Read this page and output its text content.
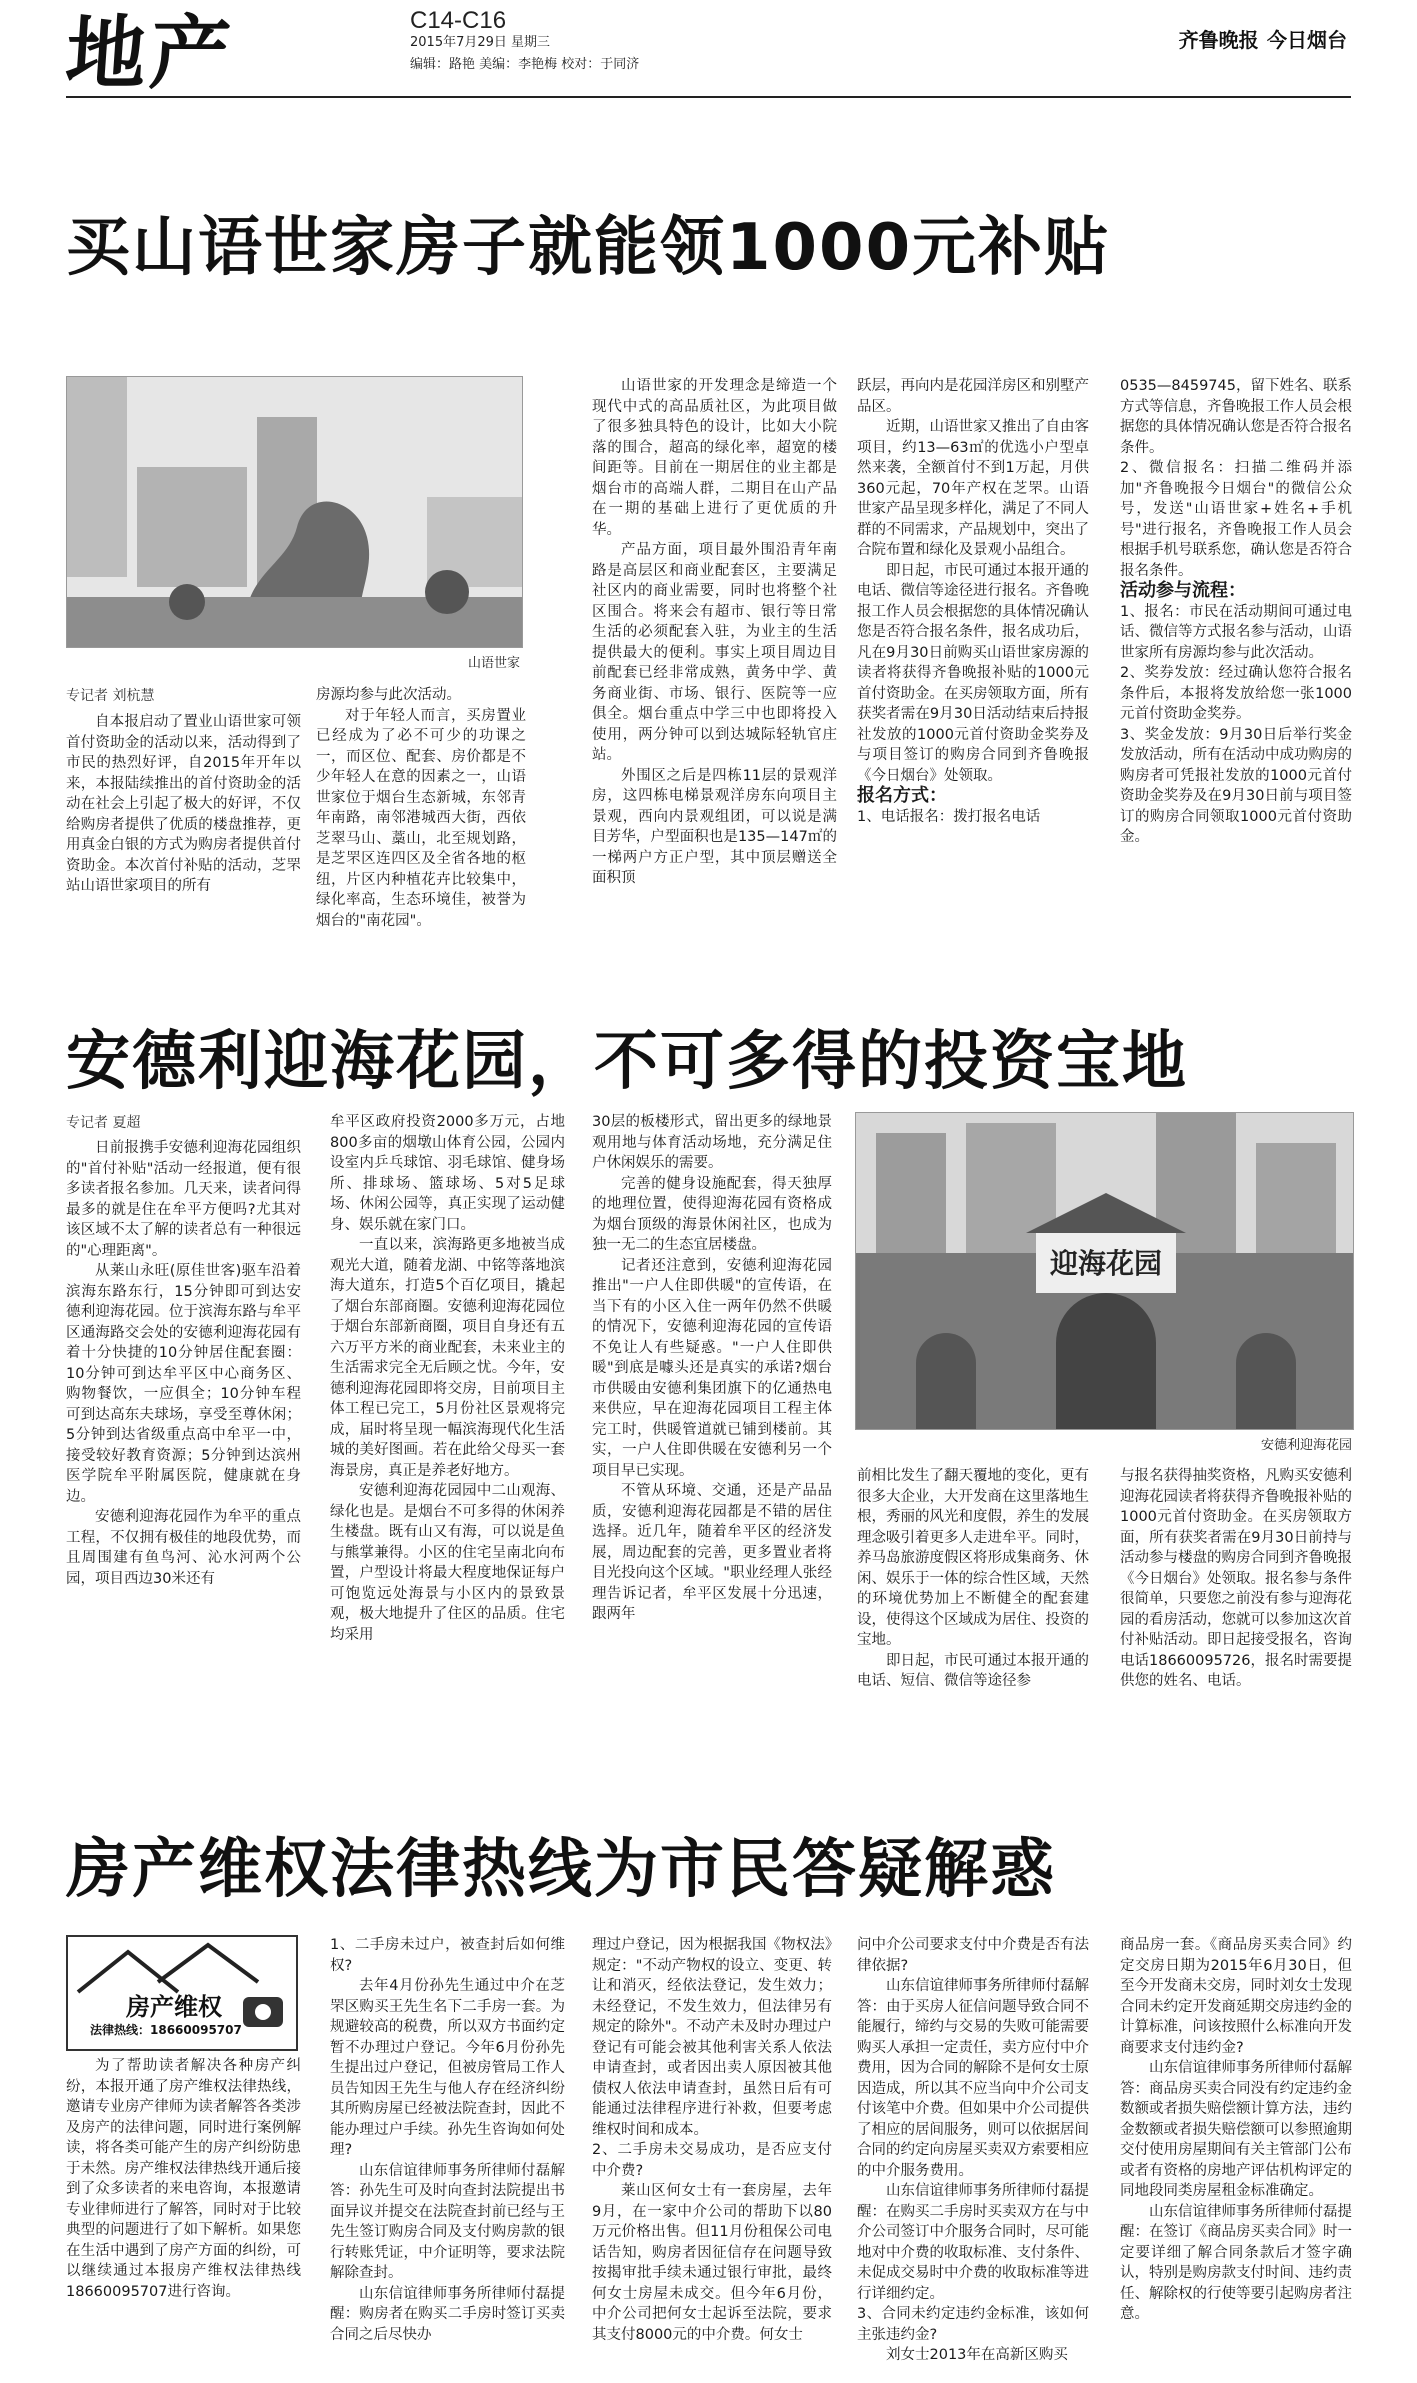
地产	C14-C16
2015年7月29日 星期三
编辑：路艳 美编：李艳梅 校对：于同济
齐鲁晚报 今日烟台
买山语世家房子就能领1000元补贴
山语世家
专记者 刘杭慧

自本报启动了置业山语世家可领首付资助金的活动以来，活动得到了市民的热烈好评，自2015年开年以来，本报陆续推出的首付资助金的活动在社会上引起了极大的好评，不仅给购房者提供了优质的楼盘推荐，更用真金白银的方式为购房者提供首付资助金。本次首付补贴的活动，芝罘站山语世家项目的所有

房源均参与此次活动。

对于年轻人而言，买房置业已经成为了必不可少的功课之一，而区位、配套、房价都是不少年轻人在意的因素之一，山语世家位于烟台生态新城，东邻青年南路，南邻港城西大街，西依芝翠马山、藁山，北至规划路，是芝罘区连四区及全省各地的枢纽，片区内种植花卉比较集中，绿化率高，生态环境佳，被誉为烟台的"南花园"。

山语世家的开发理念是缔造一个现代中式的高品质社区，为此项目做了很多独具特色的设计，比如大小院落的围合，超高的绿化率，超宽的楼间距等。目前在一期居住的业主都是烟台市的高端人群，二期目在山产品在一期的基础上进行了更优质的升华。

产品方面，项目最外围沿青年南路是高层区和商业配套区，主要满足社区内的商业需要，同时也将整个社区围合。将来会有超市、银行等日常生活的必须配套入驻，为业主的生活提供最大的便利。事实上项目周边目前配套已经非常成熟，黄务中学、黄务商业街、市场、银行、医院等一应俱全。烟台重点中学三中也即将投入使用，两分钟可以到达城际轻轨官庄站。

外围区之后是四栋11层的景观洋房，这四栋电梯景观洋房东向项目主景观，西向内景观组团，可以说是满目芳华，户型面积也是135—147㎡的一梯两户方正户型，其中顶层赠送全面积顶

跃层，再向内是花园洋房区和别墅产品区。

近期，山语世家又推出了自由客项目，约13—63㎡的优选小户型卓然来袭，全额首付不到1万起，月供360元起，70年产权在芝罘。山语世家产品呈现多样化，满足了不同人群的不同需求，产品规划中，突出了合院布置和绿化及景观小品组合。

即日起，市民可通过本报开通的电话、微信等途径进行报名。齐鲁晚报工作人员会根据您的具体情况确认您是否符合报名条件，报名成功后，凡在9月30日前购买山语世家房源的读者将获得齐鲁晚报补贴的1000元首付资助金。在买房领取方面，所有获奖者需在9月30日活动结束后持报社发放的1000元首付资助金奖券及与项目签订的购房合同到齐鲁晚报《今日烟台》处领取。

报名方式：

1、电话报名：拨打报名电话

0535—8459745，留下姓名、联系方式等信息，齐鲁晚报工作人员会根据您的具体情况确认您是否符合报名条件。

2、微信报名：扫描二维码并添加"齐鲁晚报今日烟台"的微信公众号，发送"山语世家+姓名+手机号"进行报名，齐鲁晚报工作人员会根据手机号联系您，确认您是否符合报名条件。

活动参与流程：

1、报名：市民在活动期间可通过电话、微信等方式报名参与活动，山语世家所有房源均参与此次活动。

2、奖券发放：经过确认您符合报名条件后，本报将发放给您一张1000元首付资助金奖券。

3、奖金发放：9月30日后举行奖金发放活动，所有在活动中成功购房的购房者可凭报社发放的1000元首付资助金奖券及在9月30日前与项目签订的购房合同领取1000元首付资助金。

安德利迎海花园，不可多得的投资宝地
专记者 夏超

日前报携手安德利迎海花园组织的"首付补贴"活动一经报道，便有很多读者报名参加。几天来，读者问得最多的就是住在牟平方便吗?尤其对该区域不太了解的读者总有一种很远的"心理距离"。

从莱山永旺(原佳世客)驱车沿着滨海东路东行，15分钟即可到达安德利迎海花园。位于滨海东路与牟平区通海路交会处的安德利迎海花园有着十分快捷的10分钟居住配套圈：10分钟可到达牟平区中心商务区、购物餐饮，一应俱全；10分钟车程可到达高东夫球场，享受至尊休闲；5分钟到达省级重点高中牟平一中，接受较好教育资源；5分钟到达滨州医学院牟平附属医院，健康就在身边。

安德利迎海花园作为牟平的重点工程，不仅拥有极佳的地段优势，而且周围建有鱼鸟河、沁水河两个公园，项目西边30米还有

牟平区政府投资2000多万元，占地800多亩的烟墩山体育公园，公园内设室内乒乓球馆、羽毛球馆、健身场所、排球场、篮球场、5对5足球场、休闲公园等，真正实现了运动健身、娱乐就在家门口。

一直以来，滨海路更多地被当成观光大道，随着龙湖、中铭等落地滨海大道东，打造5个百亿项目，撬起了烟台东部商圈。安德利迎海花园位于烟台东部新商圈，项目自身还有五六万平方米的商业配套，未来业主的生活需求完全无后顾之忧。今年，安德利迎海花园即将交房，目前项目主体工程已完工，5月份社区景观将完成，届时将呈现一幅滨海现代化生活城的美好图画。若在此给父母买一套海景房，真正是养老好地方。

安德利迎海花园园中二山观海、绿化也是。是烟台不可多得的休闲养生楼盘。既有山又有海，可以说是鱼与熊掌兼得。小区的住宅呈南北向布置，户型设计将最大程度地保证每户可饱览远处海景与小区内的景致景观，极大地提升了住区的品质。住宅均采用

30层的板楼形式，留出更多的绿地景观用地与体育活动场地，充分满足住户休闲娱乐的需要。

完善的健身设施配套，得天独厚的地理位置，使得迎海花园有资格成为烟台顶级的海景休闲社区，也成为独一无二的生态宜居楼盘。

记者还注意到，安德利迎海花园推出"一户人住即供暖"的宣传语，在当下有的小区入住一两年仍然不供暖的情况下，安德利迎海花园的宣传语不免让人有些疑惑。"一户人住即供暖"到底是噱头还是真实的承诺?烟台市供暖由安德利集团旗下的亿通热电来供应，早在迎海花园项目工程主体完工时，供暖管道就已铺到楼前。其实，一户人住即供暖在安德利另一个项目早已实现。

不管从环境、交通，还是产品品质，安德利迎海花园都是不错的居住选择。近几年，随着牟平区的经济发展，周边配套的完善，更多置业者将目光投向这个区域。"职业经理人张经理告诉记者，牟平区发展十分迅速，跟两年

迎海花园
安德利迎海花园

前相比发生了翻天覆地的变化，更有很多大企业，大开发商在这里落地生根，秀丽的风光和度假，养生的发展理念吸引着更多人走进牟平。同时，养马岛旅游度假区将形成集商务、休闲、娱乐于一体的综合性区域，天然的环境优势加上不断健全的配套建设，使得这个区域成为居住、投资的宝地。

即日起，市民可通过本报开通的电话、短信、微信等途径参

与报名获得抽奖资格，凡购买安德利迎海花园读者将获得齐鲁晚报补贴的1000元首付资助金。在买房领取方面，所有获奖者需在9月30日前持与活动参与楼盘的购房合同到齐鲁晚报《今日烟台》处领取。报名参与条件很简单，只要您之前没有参与迎海花园的看房活动，您就可以参加这次首付补贴活动。即日起接受报名，咨询电话18660095726，报名时需要提供您的姓名、电话。

房产维权法律热线为市民答疑解惑
房产维权
法律热线：18660095707

为了帮助读者解决各种房产纠纷，本报开通了房产维权法律热线，邀请专业房产律师为读者解答各类涉及房产的法律问题，同时进行案例解读，将各类可能产生的房产纠纷防患于未然。房产维权法律热线开通后接到了众多读者的来电咨询，本报邀请专业律师进行了解答，同时对于比较典型的问题进行了如下解析。如果您在生活中遇到了房产方面的纠纷，可以继续通过本报房产维权法律热线18660095707进行咨询。

1、二手房未过户，被查封后如何维权?

去年4月份孙先生通过中介在芝罘区购买王先生名下二手房一套。为规避较高的税费，所以双方书面约定暂不办理过户登记。今年6月份孙先生提出过户登记，但被房管局工作人员告知因王先生与他人存在经济纠纷其所购房屋已经被法院查封，因此不能办理过户手续。孙先生咨询如何处理?

山东信谊律师事务所律师付磊解答：孙先生可及时向查封法院提出书面异议并提交在法院查封前已经与王先生签订购房合同及支付购房款的银行转账凭证，中介证明等，要求法院解除查封。

山东信谊律师事务所律师付磊提醒：购房者在购买二手房时签订买卖合同之后尽快办

理过户登记，因为根据我国《物权法》规定："不动产物权的设立、变更、转让和消灭，经依法登记，发生效力；未经登记，不发生效力，但法律另有规定的除外"。不动产未及时办理过户登记有可能会被其他利害关系人依法申请查封，或者因出卖人原因被其他债权人依法申请查封，虽然日后有可能通过法律程序进行补救，但要考虑维权时间和成本。

2、二手房未交易成功，是否应支付中介费?

莱山区何女士有一套房屋，去年9月，在一家中介公司的帮助下以80万元价格出售。但11月份租保公司电话告知，购房者因征信存在问题导致按揭审批手续未通过银行审批，最终何女士房屋未成交。但今年6月份，中介公司把何女士起诉至法院，要求其支付8000元的中介费。何女士

问中介公司要求支付中介费是否有法律依据?

山东信谊律师事务所律师付磊解答：由于买房人征信问题导致合同不能履行，缔约与交易的失败可能需要购买人承担一定责任，卖方应付中介费用，因为合同的解除不是何女士原因造成，所以其不应当向中介公司支付该笔中介费。但如果中介公司提供了相应的居间服务，则可以依据居间合同的约定向房屋买卖双方索要相应的中介服务费用。

山东信谊律师事务所律师付磊提醒：在购买二手房时买卖双方在与中介公司签订中介服务合同时，尽可能地对中介费的收取标准、支付条件、未促成交易时中介费的收取标准等进行详细约定。

3、合同未约定违约金标准，该如何主张违约金?

刘女士2013年在高新区购买

商品房一套。《商品房买卖合同》约定交房日期为2015年6月30日，但至今开发商未交房，同时刘女士发现合同未约定开发商延期交房违约金的计算标准，问该按照什么标准向开发商要求支付违约金?

山东信谊律师事务所律师付磊解答：商品房买卖合同没有约定违约金数额或者损失赔偿额计算方法，违约金数额或者损失赔偿额可以参照逾期交付使用房屋期间有关主管部门公布或者有资格的房地产评估机构评定的同地段同类房屋租金标准确定。

山东信谊律师事务所律师付磊提醒：在签订《商品房买卖合同》时一定要详细了解合同条款后才签字确认，特别是购房款支付时间、违约责任、解除权的行使等要引起购房者注意。
